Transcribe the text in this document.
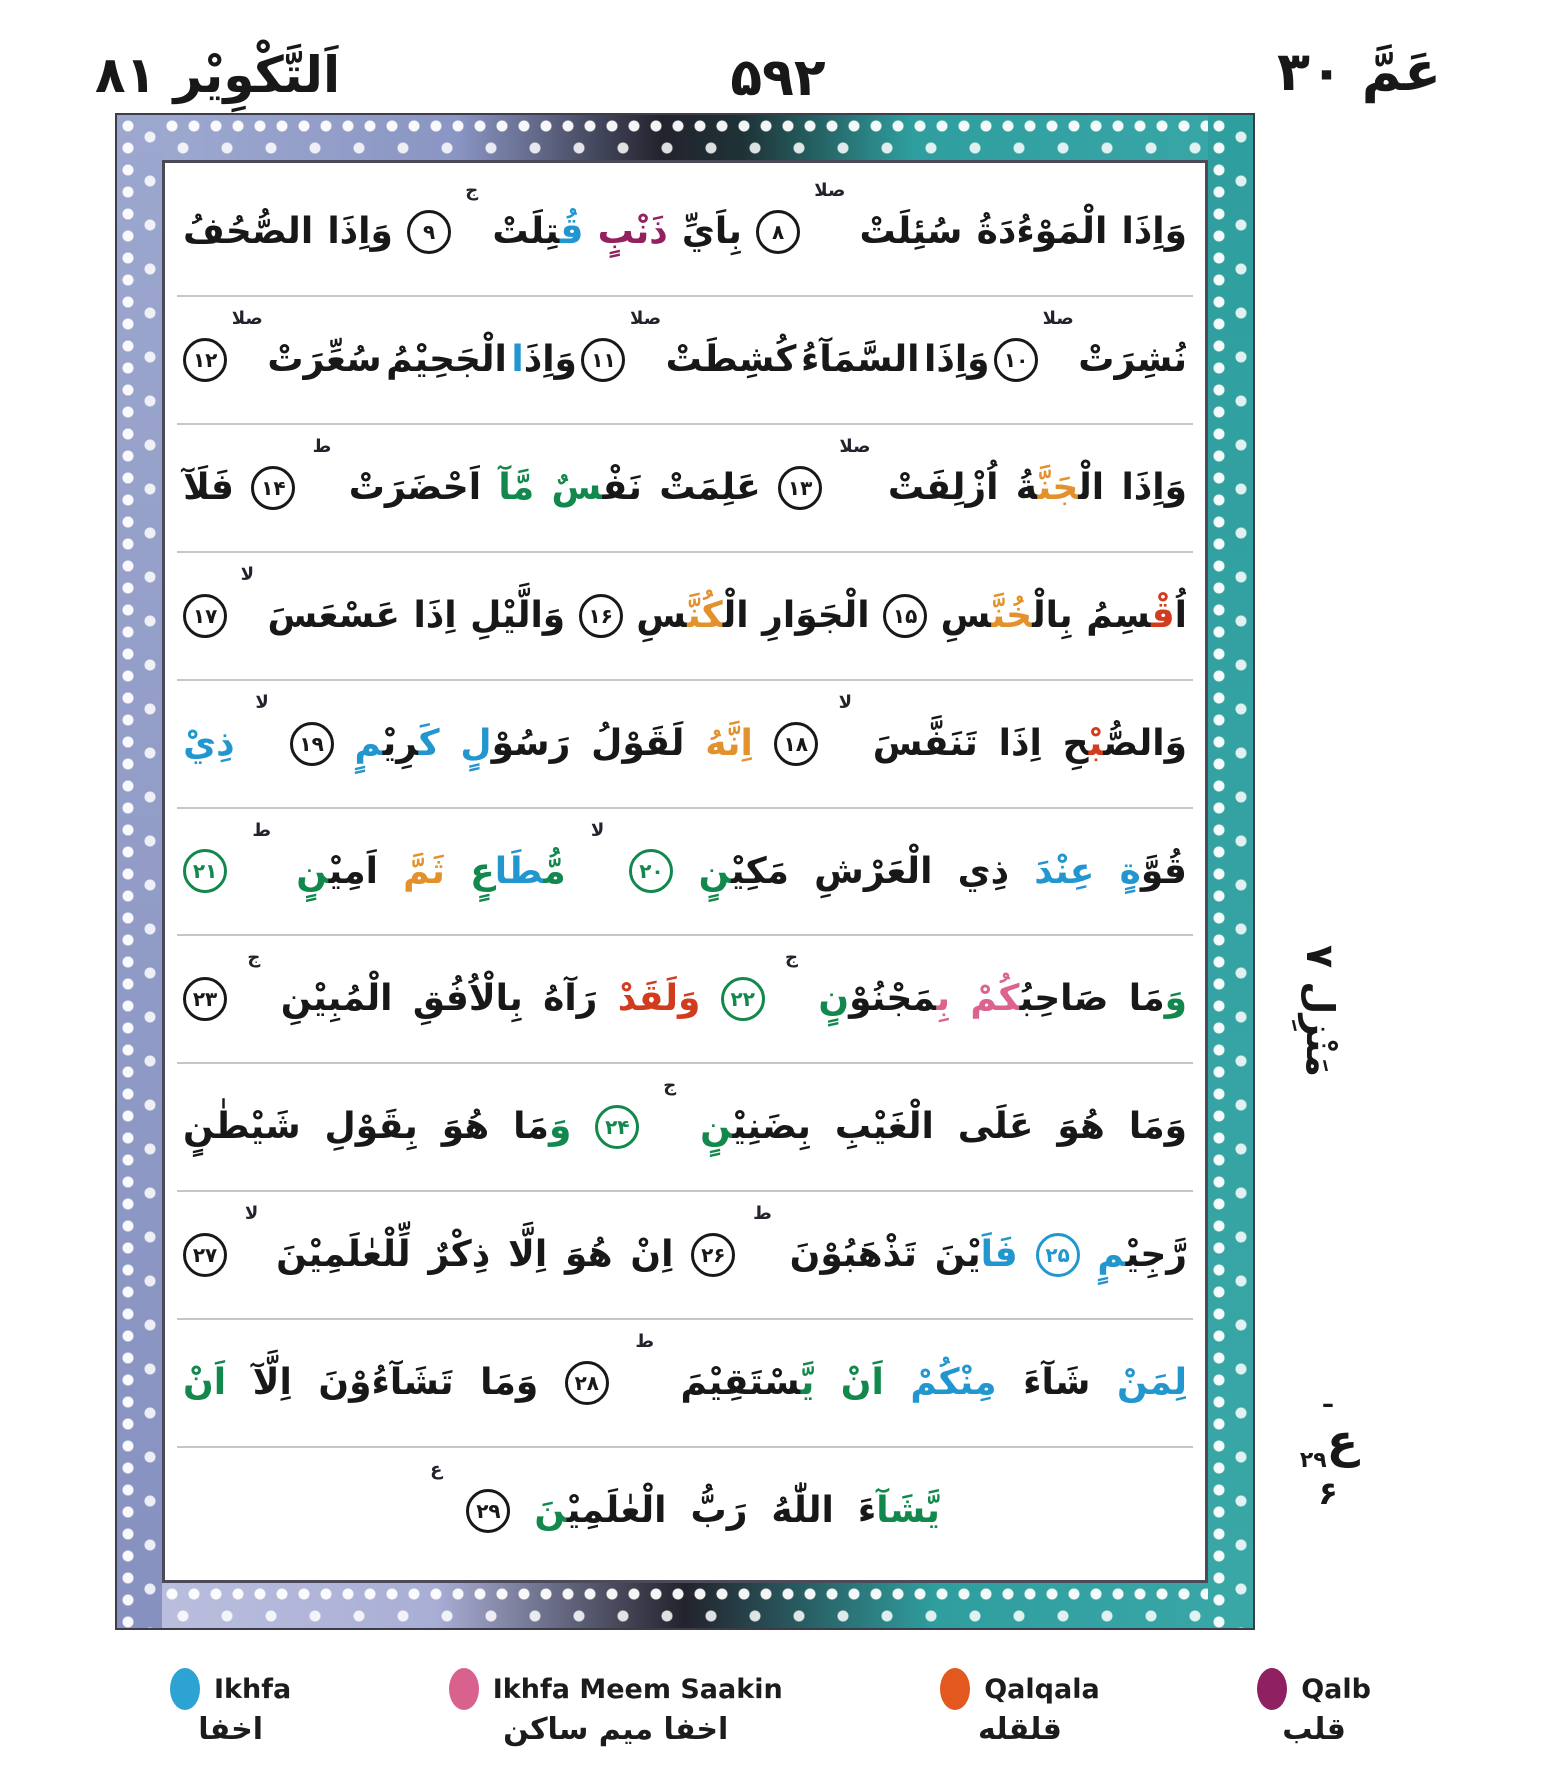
اَلتَّكْوِيْر ۸۱	۵۹۲	عَمَّ ۳۰
وَاِذَا
الْمَوْءُدَةُ
سُئِلَتْ
صلا
۸
بِاَيِّ
ذَنْبٍ
قُ‍‍تِلَتْ
ج
۹
وَاِذَا
الصُّحُفُ
نُشِرَتْ
صلا
۱۰
وَاِذَا
السَّمَآءُ
كُشِطَتْ
صلا
۱۱
وَاِذَا
الْجَحِيْمُ
سُعِّرَتْ
صلا
۱۲
وَاِذَا
الْ‍‍جَنَّ‍‍ةُ
اُزْلِفَتْ
صلا
۱۳
عَلِمَتْ
نَفْ‍‍سٌ
مَّآ
اَحْضَرَتْ
ط
۱۴
فَلَآ
اُقْ‍‍سِمُ
بِالْ‍‍خُنَّ‍‍سِ
۱۵
الْجَوَارِ
الْ‍‍كُنَّ‍‍سِ
۱۶
وَالَّيْلِ
اِذَا
عَسْعَسَ
لا
۱۷
وَالصُّ‍‍بْ‍‍حِ
اِذَا
تَنَفَّسَ
لا
۱۸
اِنَّهُ
لَقَوْلُ
رَسُوْلٍ
كَ‍‍رِيْ‍‍مٍ
۱۹
لا
ذِيْ
قُوَّةٍ
عِنْدَ
ذِي
الْعَرْشِ
مَكِيْ‍‍نٍ
۲۰
لا
مُّ‍‍طَاعٍ
ثَمَّ
اَمِيْ‍‍نٍ
ط
۲۱
وَمَا
صَاحِبُ‍‍كُمْ
بِ‍‍مَجْنُوْنٍ
ج
۲۲
وَلَقَدْ
رَآهُ
بِالْاُفُقِ
الْمُبِيْنِ
ج
۲۳
وَمَا
هُوَ
عَلَى
الْغَيْبِ
بِضَنِيْ‍‍نٍ
ج
۲۴
وَمَا
هُوَ
بِقَوْلِ
شَيْطٰنٍ
رَّجِيْ‍‍مٍ
۲۵
فَاَيْنَ
تَذْهَبُوْنَ
ط
۲۶
اِنْ
هُوَ
اِلَّا
ذِكْرٌ
لِّلْعٰلَمِيْنَ
لا
۲۷
لِمَنْ
شَآءَ
مِنْكُمْ
اَنْ
يَّ‍‍سْتَقِيْمَ
ط
۲۸
وَمَا
تَشَآءُوْنَ
اِلَّآ
اَنْ
يَّشَآءَ
اللّٰهُ
رَبُّ
الْعٰلَمِيْ‍‍نَ
۲۹
ع
مَنْزِل ۷
ـ
$_{۲۹}$ع
۶
Ikhfa
اخفا
Ikhfa Meem Saakin
اخفا میم ساکن
Qalqala
قلقله
Qalb
قلب
